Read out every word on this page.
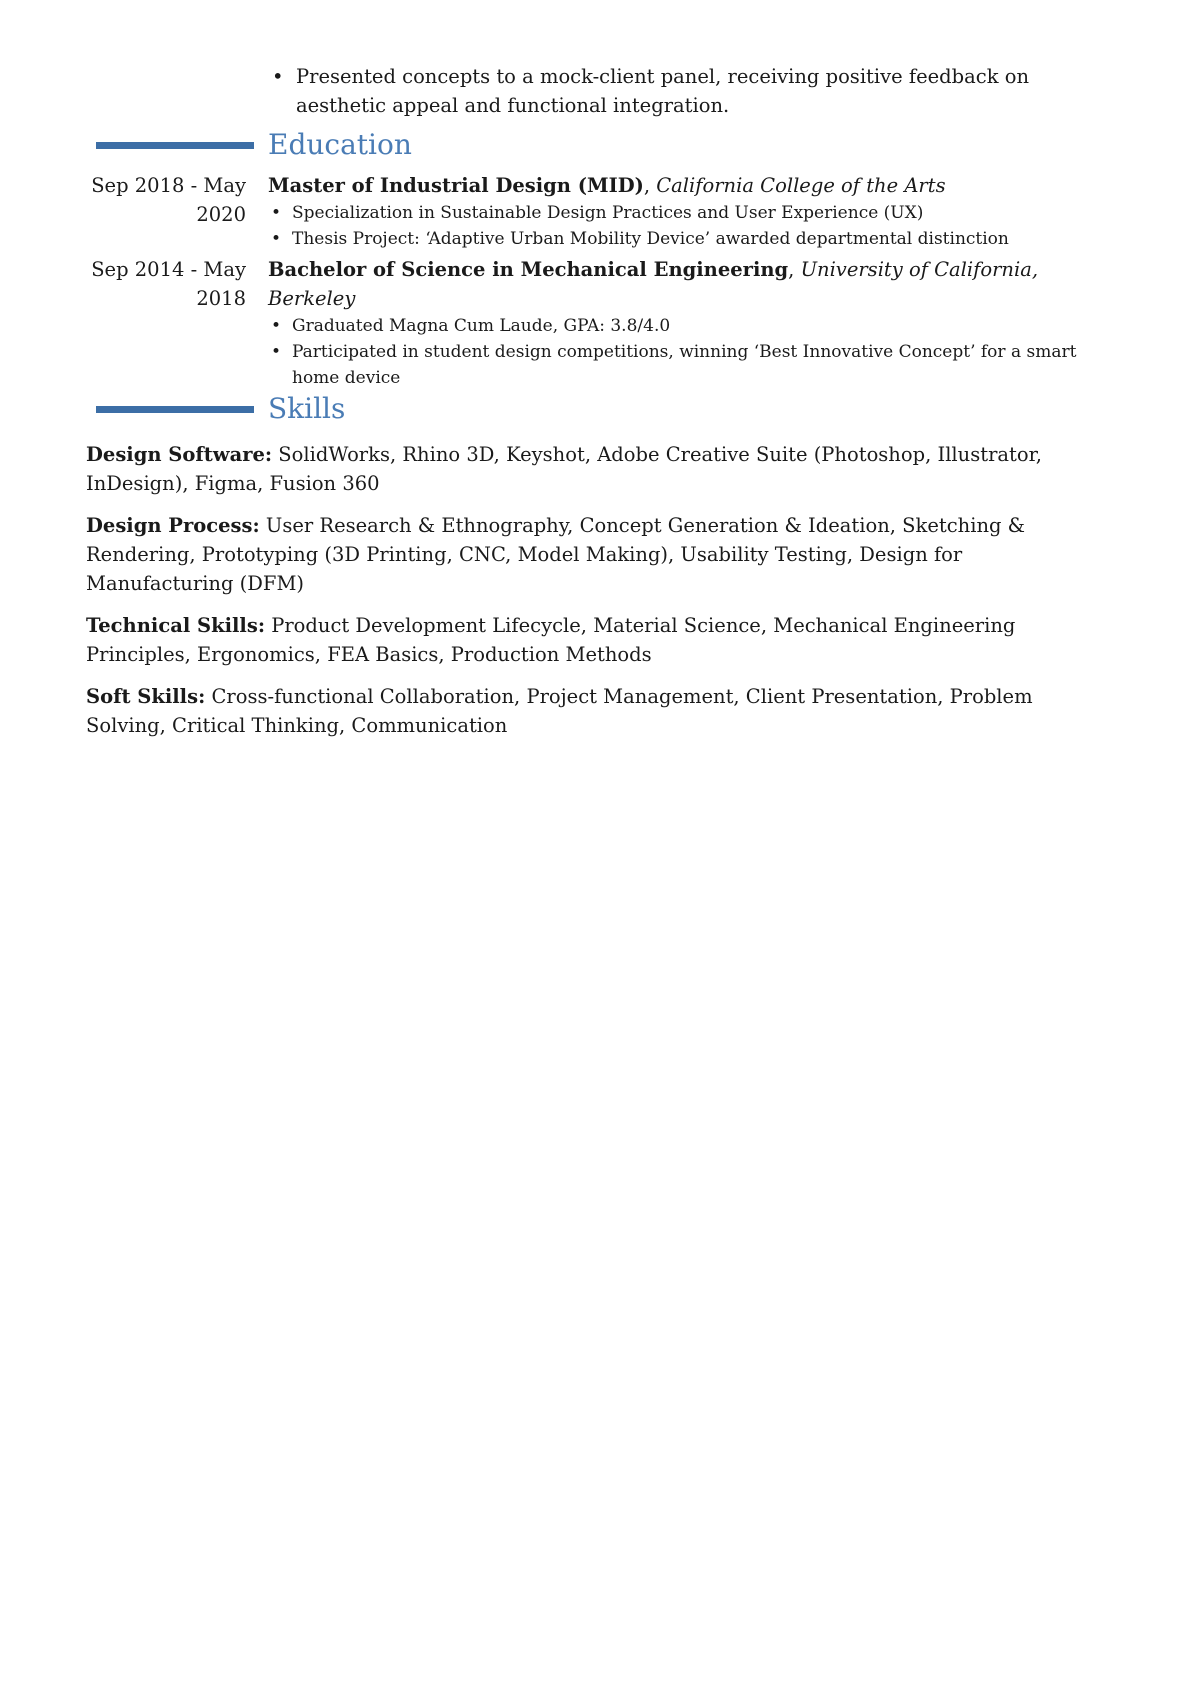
• Presented concepts to a mock-client panel, receiving positive feedback on aesthetic appeal and functional integration.
Education
Sep 2018 - May 2020
Master of Industrial Design (MID), California College of the Arts
• Specialization in Sustainable Design Practices and User Experience (UX)
• Thesis Project: ‘Adaptive Urban Mobility Device’ awarded departmental distinction
Sep 2014 - May 2018
Bachelor of Science in Mechanical Engineering, University of California, Berkeley
• Graduated Magna Cum Laude, GPA: 3.8/4.0
• Participated in student design competitions, winning ‘Best Innovative Concept’ for a smart home device
Skills
Design Software: SolidWorks, Rhino 3D, Keyshot, Adobe Creative Suite (Photoshop, Illustrator, InDesign), Figma, Fusion 360
Design Process: User Research & Ethnography, Concept Generation & Ideation, Sketching & Rendering, Prototyping (3D Printing, CNC, Model Making), Usability Testing, Design for Manufacturing (DFM)
Technical Skills: Product Development Lifecycle, Material Science, Mechanical Engineering Principles, Ergonomics, FEA Basics, Production Methods
Soft Skills: Cross-functional Collaboration, Project Management, Client Presentation, Problem Solving, Critical Thinking, Communication
